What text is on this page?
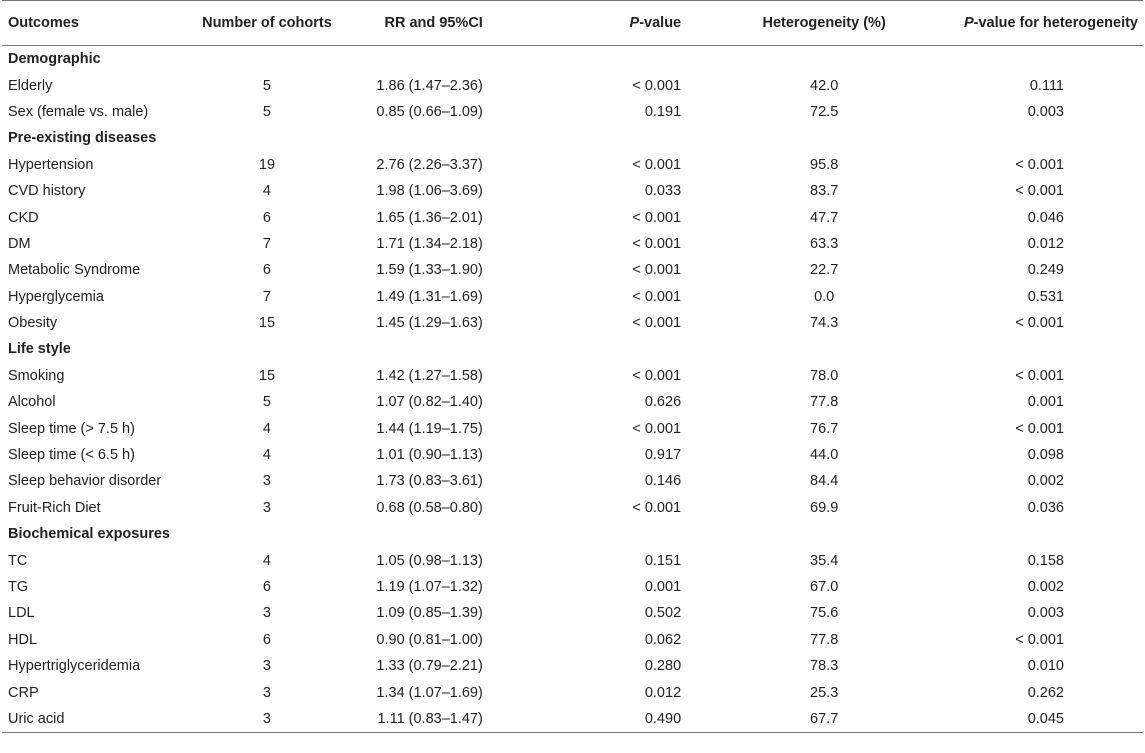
Outcomes	Number of cohorts	RR and 95%CI	P-value	Heterogeneity (%)	P-value for heterogeneity
Demographic					
Elderly	5	1.86 (1.47–2.36)	< 0.001	42.0	0.111
Sex (female vs. male)	5	0.85 (0.66–1.09)	0.191	72.5	0.003
Pre-existing diseases					
Hypertension	19	2.76 (2.26–3.37)	< 0.001	95.8	< 0.001
CVD history	4	1.98 (1.06–3.69)	0.033	83.7	< 0.001
CKD	6	1.65 (1.36–2.01)	< 0.001	47.7	0.046
DM	7	1.71 (1.34–2.18)	< 0.001	63.3	0.012
Metabolic Syndrome	6	1.59 (1.33–1.90)	< 0.001	22.7	0.249
Hyperglycemia	7	1.49 (1.31–1.69)	< 0.001	0.0	0.531
Obesity	15	1.45 (1.29–1.63)	< 0.001	74.3	< 0.001
Life style					
Smoking	15	1.42 (1.27–1.58)	< 0.001	78.0	< 0.001
Alcohol	5	1.07 (0.82–1.40)	0.626	77.8	0.001
Sleep time (> 7.5 h)	4	1.44 (1.19–1.75)	< 0.001	76.7	< 0.001
Sleep time (< 6.5 h)	4	1.01 (0.90–1.13)	0.917	44.0	0.098
Sleep behavior disorder	3	1.73 (0.83–3.61)	0.146	84.4	0.002
Fruit-Rich Diet	3	0.68 (0.58–0.80)	< 0.001	69.9	0.036
Biochemical exposures					
TC	4	1.05 (0.98–1.13)	0.151	35.4	0.158
TG	6	1.19 (1.07–1.32)	0.001	67.0	0.002
LDL	3	1.09 (0.85–1.39)	0.502	75.6	0.003
HDL	6	0.90 (0.81–1.00)	0.062	77.8	< 0.001
Hypertriglyceridemia	3	1.33 (0.79–2.21)	0.280	78.3	0.010
CRP	3	1.34 (1.07–1.69)	0.012	25.3	0.262
Uric acid	3	1.11 (0.83–1.47)	0.490	67.7	0.045
